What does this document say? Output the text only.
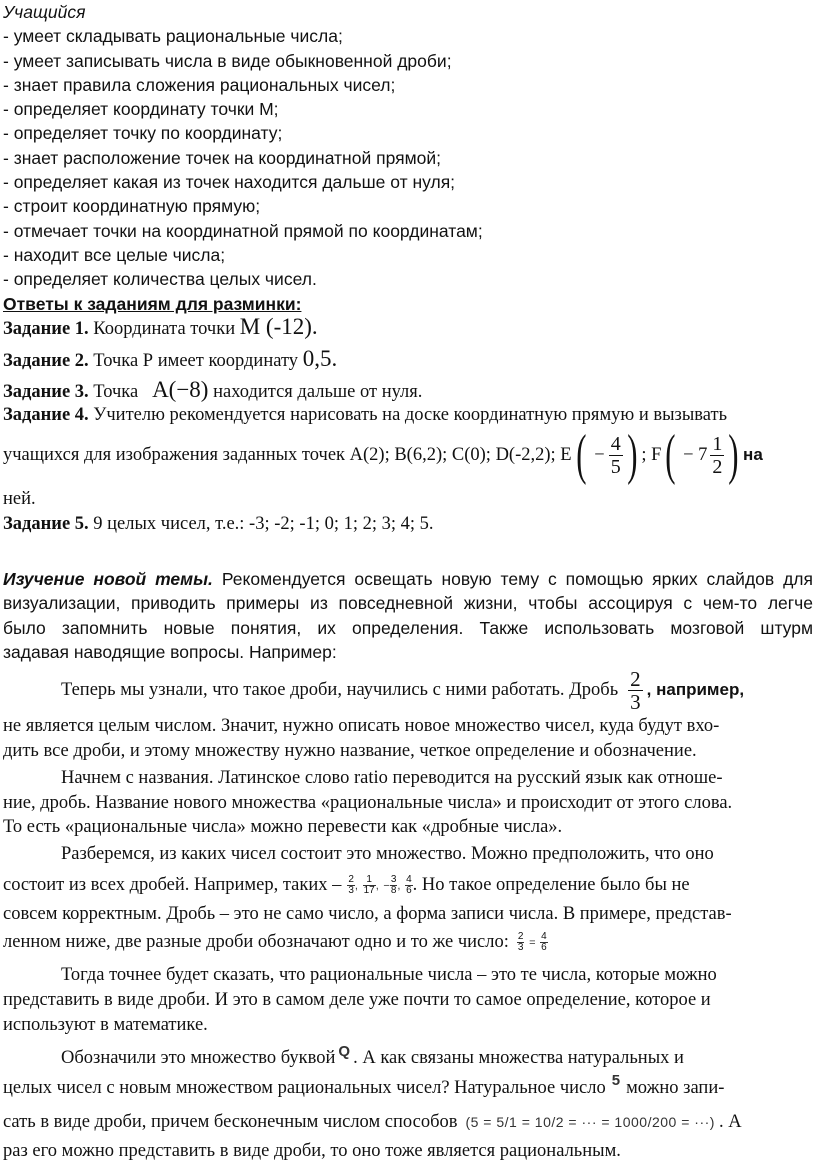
Учащийся
- умеет складывать рациональные числа;
- умеет записывать числа в виде обыкновенной дроби;
- знает правила сложения рациональных чисел;
- определяет координату точки М;
- определяет точку по координату;
- знает расположение точек на координатной прямой;
- определяет какая из точек находится дальше от нуля;
- строит координатную прямую;
- отмечает точки на координатной прямой по координатам;
- находит все целые числа;
- определяет количества целых чисел.
Ответы к заданиям для разминки:
Задание 1. Координата точки М (-12).
Задание 2. Точка Р имеет координату 0,5.
Задание 3. Точка A(−8) находится дальше от нуля.
Задание 4. Учителю рекомендуется нарисовать на доске координатную прямую и вызывать
учащихся для изображения заданных точек А(2); В(6,2); С(0); D(-2,2); E ( − $\frac{4}{5}$ ) ; F ( − $7 \frac{1}{2}$ ) на
ней.
Задание 5. 9 целых чисел, т.е.: -3; -2; -1; 0; 1; 2; 3; 4; 5.
Изучение новой темы. Рекомендуется освещать новую тему с помощью ярких слайдов для
визуализации, приводить примеры из повседневной жизни, чтобы ассоцируя с чем-то легче
было запомнить новые понятия, их определения. Также использовать мозговой штурм
задавая наводящие вопросы. Например:
Теперь мы узнали, что такое дроби, научились с ними работать. Дробь $\frac{2}{3}$ , например,
не является целым числом. Значит, нужно описать новое множество чисел, куда будут вхо-
дить все дроби, и этому множеству нужно название, четкое определение и обозначение.
Начнем с названия. Латинское слово ratio переводится на русский язык как отноше-
ние, дробь. Название нового множества «рациональные числа» и происходит от этого слова.
То есть «рациональные числа» можно перевести как «дробные числа».
Разберемся, из каких чисел состоит это множество. Можно предположить, что оно
состоит из всех дробей. Например, таких – $\frac{2}{3}$ , $\frac{1}{17}$ , − $\frac{3}{8}$ , $\frac{4}{6}$ . Но такое определение было бы не
совсем корректным. Дробь – это не само число, а форма записи числа. В примере, представ-
ленном ниже, две разные дроби обозначают одно и то же число: $\frac{2}{3} = \frac{4}{6}$
Тогда точнее будет сказать, что рациональные числа – это те числа, которые можно
представить в виде дроби. И это в самом деле уже почти то самое определение, которое и
используют в математике.
Обозначили это множество буквой Q . А как связаны множества натуральных и
целых чисел с новым множеством рациональных чисел? Натуральное число 5 можно запи-
сать в виде дроби, причем бесконечным числом способов (5 = 5/1 = 10/2 = ··· = 1000/200 = ···) . А
раз его можно представить в виде дроби, то оно тоже является рациональным.
